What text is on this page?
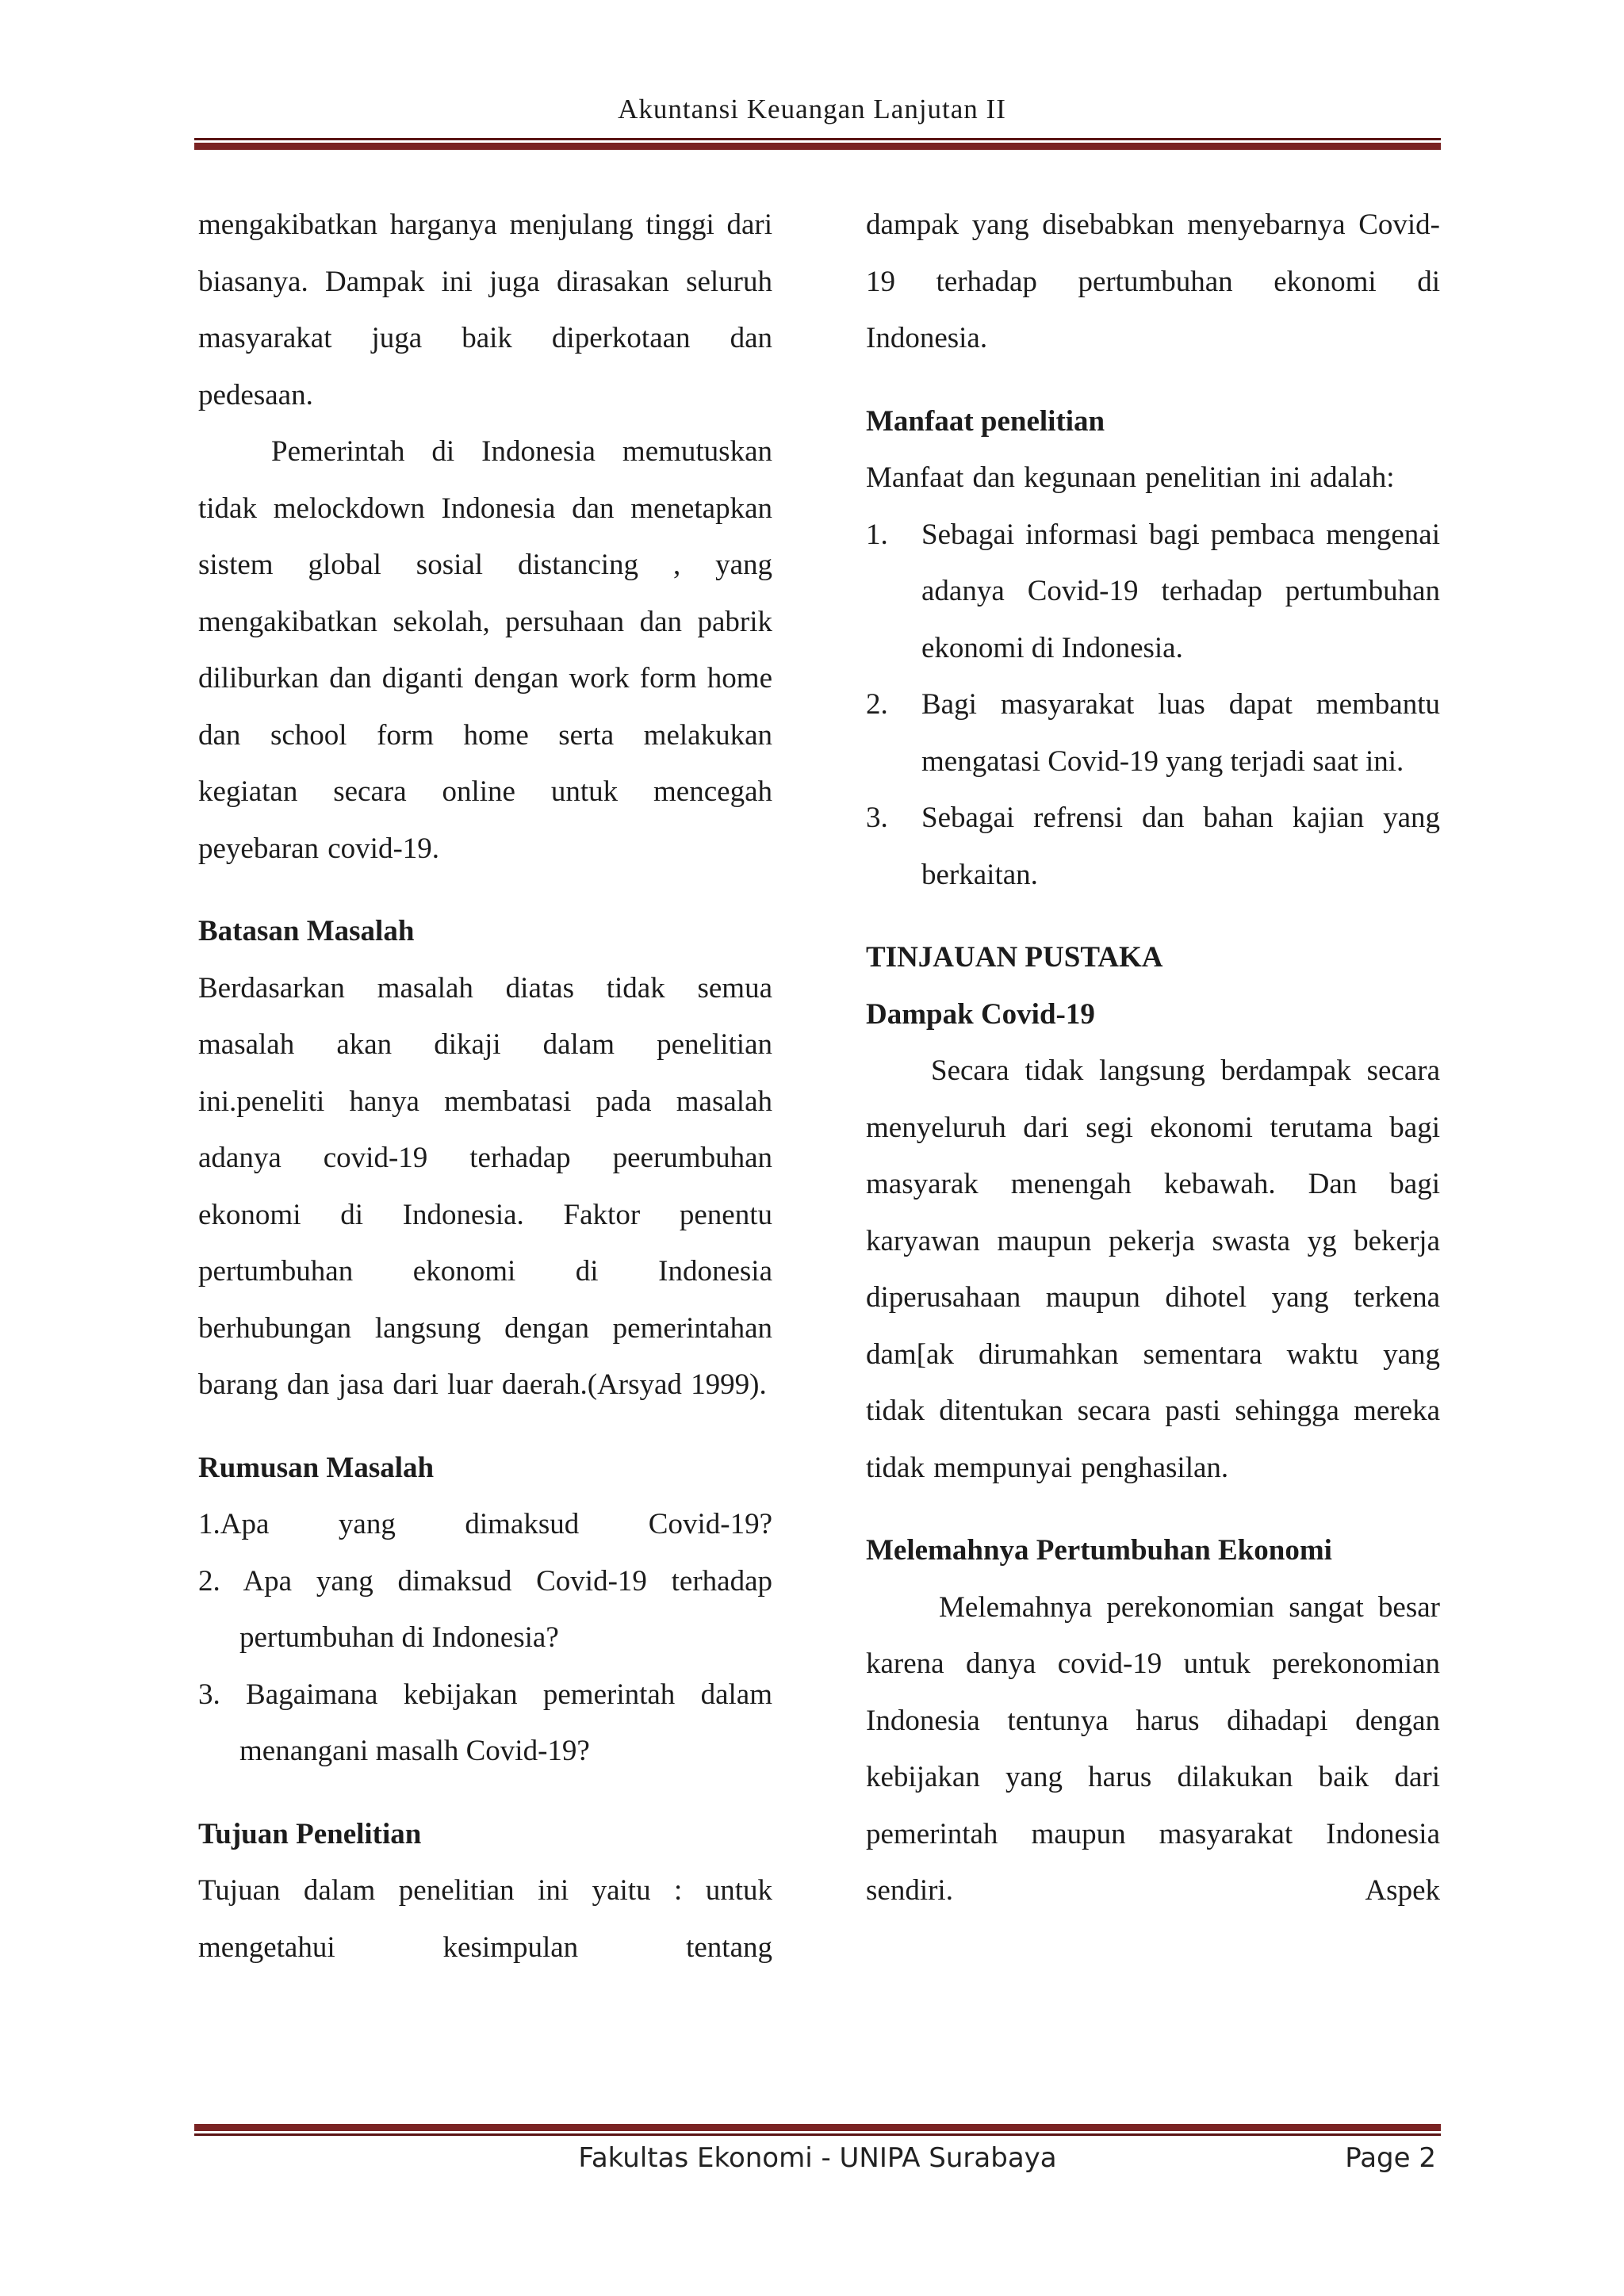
Akuntansi Keuangan Lanjutan II

mengakibatkan harganya menjulang tinggi dari biasanya. Dampak ini juga dirasakan seluruh masyarakat juga baik diperkotaan dan pedesaan.

Pemerintah di Indonesia memutuskan tidak melockdown Indonesia dan menetapkan sistem global sosial distancing , yang mengakibatkan sekolah, persuhaan dan pabrik diliburkan dan diganti dengan work form home dan school form home serta melakukan kegiatan secara online untuk mencegah peyebaran covid-19.

Batasan Masalah

Berdasarkan masalah diatas tidak semua masalah akan dikaji dalam penelitian ini.peneliti hanya membatasi pada masalah adanya covid-19 terhadap peerumbuhan ekonomi di Indonesia. Faktor penentu pertumbuhan ekonomi di Indonesia berhubungan langsung dengan pemerintahan barang dan jasa dari luar daerah.(Arsyad 1999).

Rumusan Masalah

1.Apa yang dimaksud Covid-19?
2. Apa yang dimaksud Covid-19 terhadap pertumbuhan di Indonesia?
3. Bagaimana kebijakan pemerintah dalam menangani masalh Covid-19?

Tujuan Penelitian

Tujuan dalam penelitian ini yaitu : untuk mengetahui kesimpulan tentang

dampak yang disebabkan menyebarnya Covid-19 terhadap pertumbuhan ekonomi di Indonesia.

Manfaat penelitian

Manfaat dan kegunaan penelitian ini adalah:

1.	Sebagai informasi bagi pembaca mengenai adanya Covid-19 terhadap pertumbuhan ekonomi di Indonesia.
2.	Bagi masyarakat luas dapat membantu mengatasi Covid-19 yang terjadi saat ini.
3.	Sebagai refrensi dan bahan kajian yang berkaitan.

TINJAUAN PUSTAKA

Dampak Covid-19

Secara tidak langsung berdampak secara menyeluruh dari segi ekonomi terutama bagi masyarak menengah kebawah. Dan bagi karyawan maupun pekerja swasta yg bekerja diperusahaan maupun dihotel yang terkena dam[ak dirumahkan sementara waktu yang tidak ditentukan secara pasti sehingga mereka tidak mempunyai penghasilan.

Melemahnya Pertumbuhan Ekonomi

Melemahnya perekonomian sangat besar karena danya covid-19 untuk perekonomian Indonesia tentunya harus dihadapi dengan kebijakan yang harus dilakukan baik dari pemerintah maupun masyarakat Indonesia sendiri. Aspek

Fakultas Ekonomi - UNIPA Surabaya	Page 2
